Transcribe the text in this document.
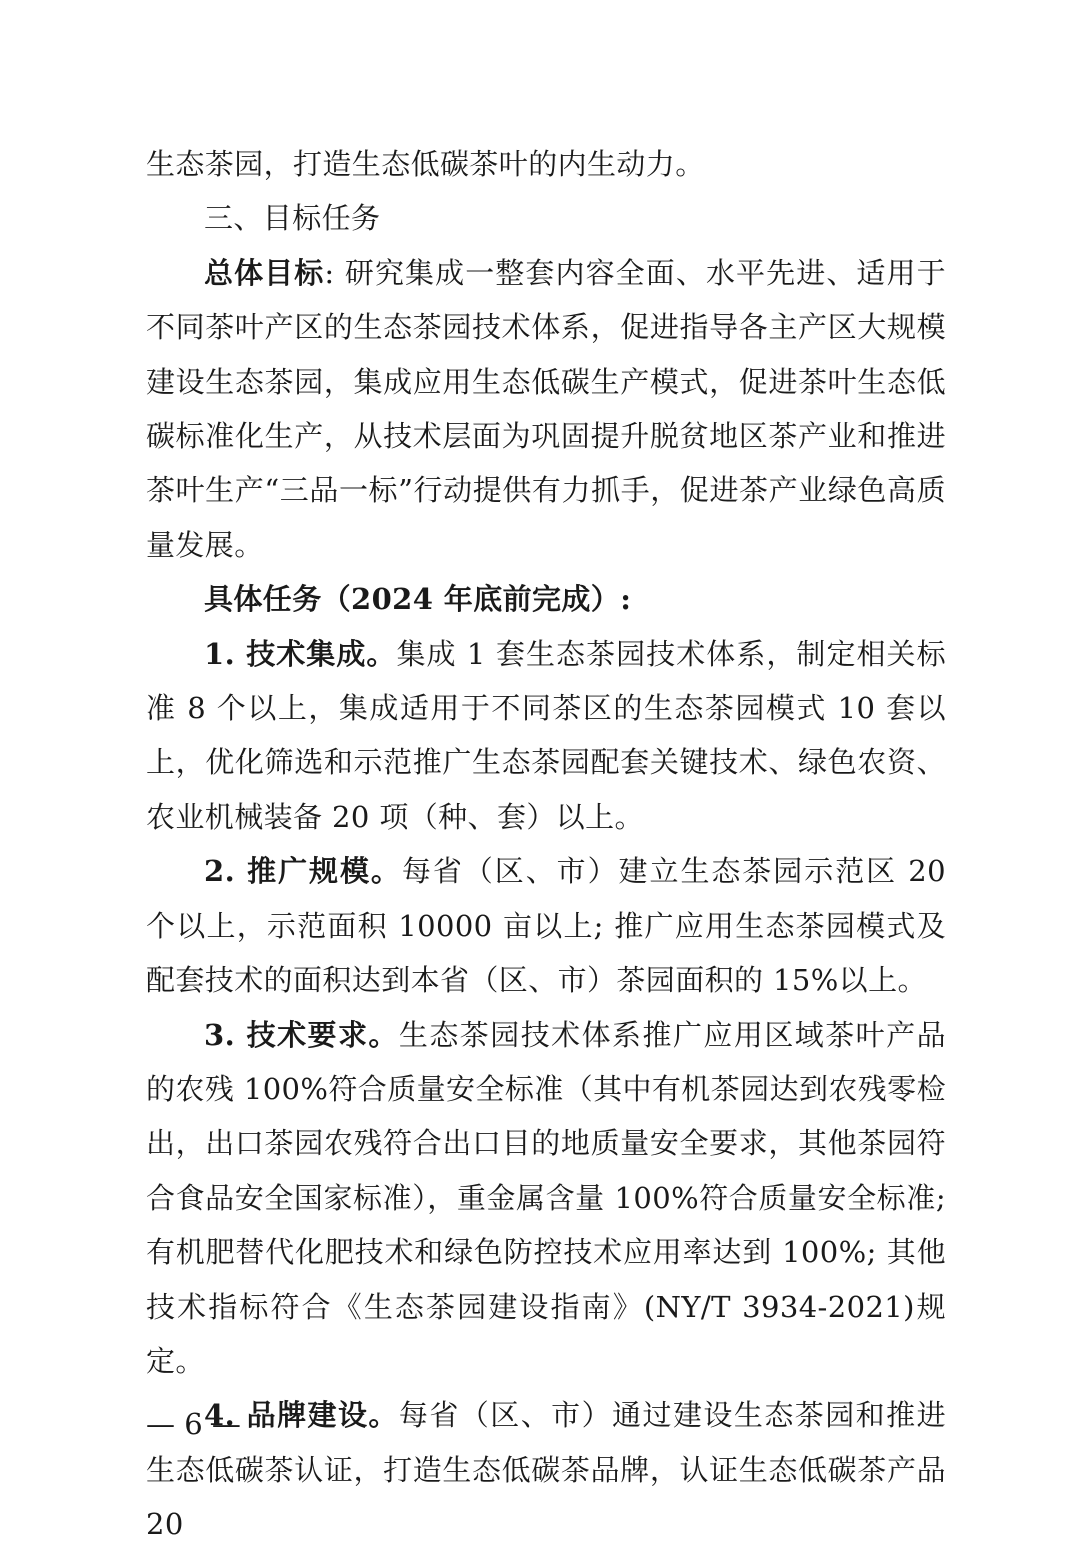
生态茶园，打造生态低碳茶叶的内生动力。

三、目标任务

总体目标: 研究集成一整套内容全面、水平先进、适用于不同茶叶产区的生态茶园技术体系，促进指导各主产区大规模建设生态茶园，集成应用生态低碳生产模式，促进茶叶生态低碳标准化生产，从技术层面为巩固提升脱贫地区茶产业和推进茶叶生产“三品一标”行动提供有力抓手，促进茶产业绿色高质量发展。

具体任务（2024 年底前完成）:

1. 技术集成。集成 1 套生态茶园技术体系，制定相关标准 8 个以上，集成适用于不同茶区的生态茶园模式 10 套以上，优化筛选和示范推广生态茶园配套关键技术、绿色农资、农业机械装备 20 项（种、套）以上。

2. 推广规模。每省（区、市）建立生态茶园示范区 20 个以上，示范面积 10000 亩以上; 推广应用生态茶园模式及配套技术的面积达到本省（区、市）茶园面积的 15%以上。

3. 技术要求。生态茶园技术体系推广应用区域茶叶产品的农残 100%符合质量安全标准（其中有机茶园达到农残零检出，出口茶园农残符合出口目的地质量安全要求，其他茶园符合食品安全国家标准），重金属含量 100%符合质量安全标准; 有机肥替代化肥技术和绿色防控技术应用率达到 100%; 其他技术指标符合《生态茶园建设指南》(NY/T 3934-2021)规定。

4. 品牌建设。每省（区、市）通过建设生态茶园和推进生态低碳茶认证，打造生态低碳茶品牌，认证生态低碳茶产品 20

— 6 —
